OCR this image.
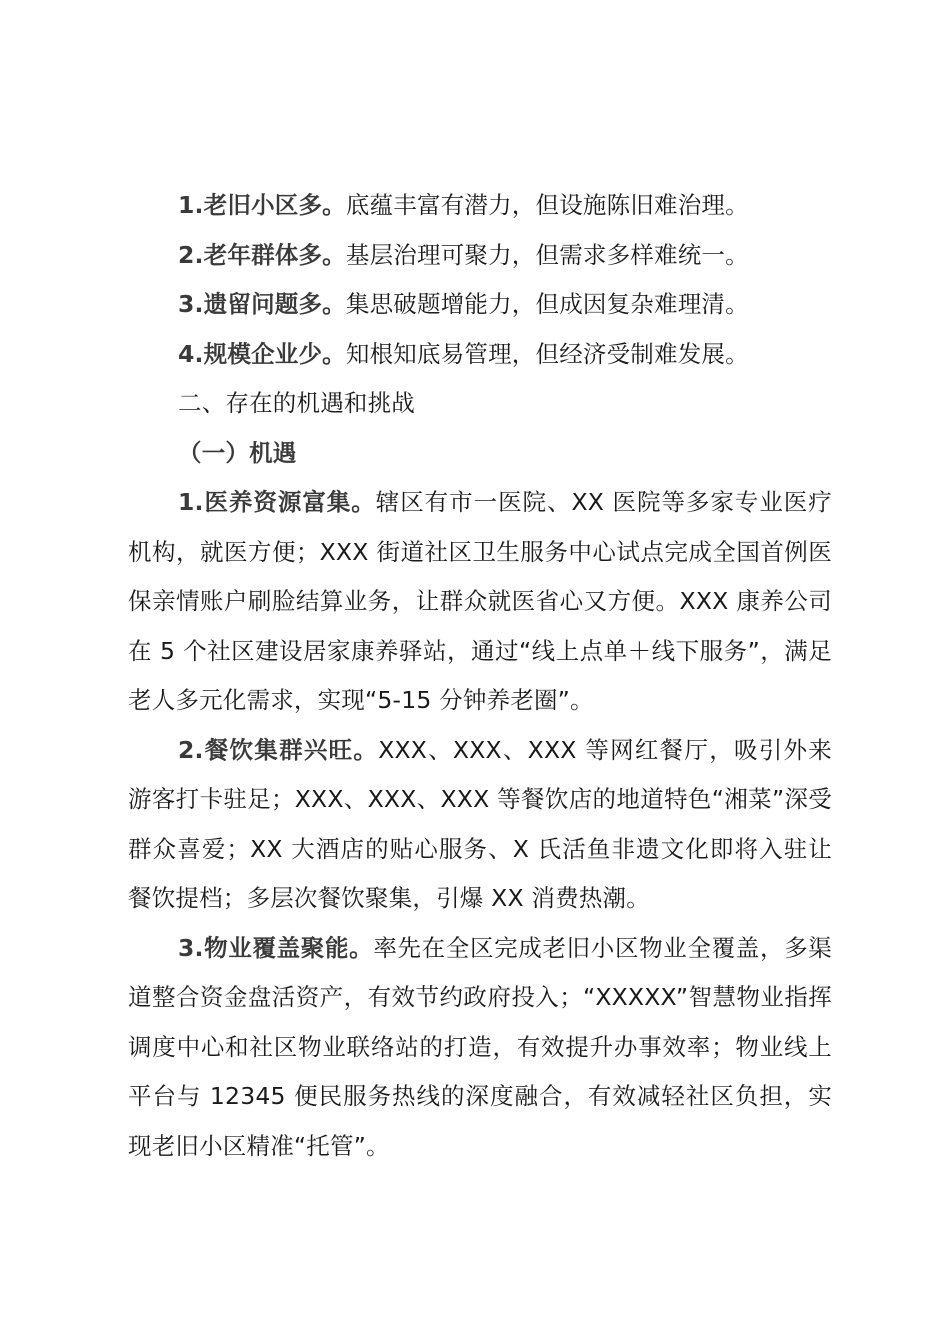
1.老旧小区多。底蕴丰富有潜力，但设施陈旧难治理。

2.老年群体多。基层治理可聚力，但需求多样难统一。

3.遗留问题多。集思破题增能力，但成因复杂难理清。

4.规模企业少。知根知底易管理，但经济受制难发展。

二、存在的机遇和挑战

（一）机遇

1.医养资源富集。辖区有市一医院、XX 医院等多家专业医疗机构，就医方便；XXX 街道社区卫生服务中心试点完成全国首例医保亲情账户刷脸结算业务，让群众就医省心又方便。XXX 康养公司在 5 个社区建设居家康养驿站，通过“线上点单＋线下服务”，满足老人多元化需求，实现“5-15 分钟养老圈”。

2.餐饮集群兴旺。XXX、XXX、XXX 等网红餐厅，吸引外来游客打卡驻足；XXX、XXX、XXX 等餐饮店的地道特色“湘菜”深受群众喜爱；XX 大酒店的贴心服务、X 氏活鱼非遗文化即将入驻让餐饮提档；多层次餐饮聚集，引爆 XX 消费热潮。

3.物业覆盖聚能。率先在全区完成老旧小区物业全覆盖，多渠道整合资金盘活资产，有效节约政府投入；“XXXXX”智慧物业指挥调度中心和社区物业联络站的打造，有效提升办事效率；物业线上平台与 12345 便民服务热线的深度融合，有效减轻社区负担，实现老旧小区精准“托管”。
